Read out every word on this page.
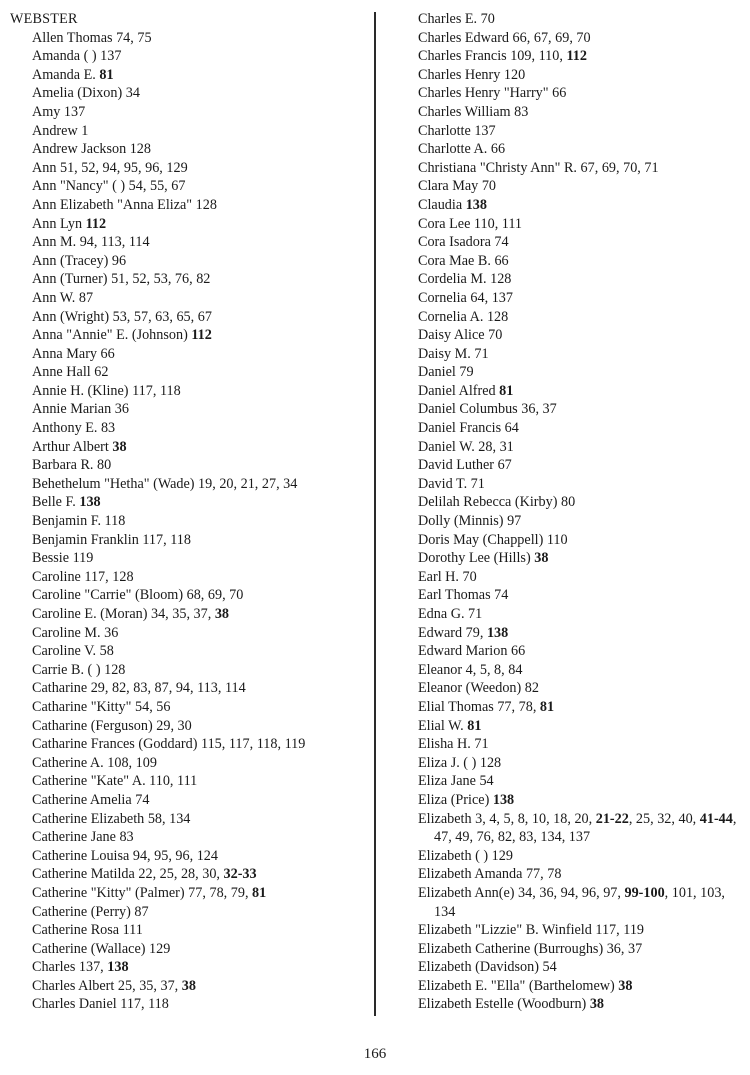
WEBSTER
Allen Thomas 74, 75
Amanda ( ) 137
Amanda E. 81
Amelia (Dixon) 34
Amy 137
Andrew 1
Andrew Jackson 128
Ann 51, 52, 94, 95, 96, 129
Ann "Nancy" ( ) 54, 55, 67
Ann Elizabeth "Anna Eliza" 128
Ann Lyn 112
Ann M. 94, 113, 114
Ann (Tracey) 96
Ann (Turner) 51, 52, 53, 76, 82
Ann W. 87
Ann (Wright) 53, 57, 63, 65, 67
Anna "Annie" E. (Johnson) 112
Anna Mary 66
Anne Hall 62
Annie H. (Kline) 117, 118
Annie Marian 36
Anthony E. 83
Arthur Albert 38
Barbara R. 80
Behethelum "Hetha" (Wade) 19, 20, 21, 27, 34
Belle F. 138
Benjamin F. 118
Benjamin Franklin 117, 118
Bessie 119
Caroline 117, 128
Caroline "Carrie" (Bloom) 68, 69, 70
Caroline E. (Moran) 34, 35, 37, 38
Caroline M. 36
Caroline V. 58
Carrie B. ( ) 128
Catharine 29, 82, 83, 87, 94, 113, 114
Catharine "Kitty" 54, 56
Catharine (Ferguson) 29, 30
Catharine Frances (Goddard) 115, 117, 118, 119
Catherine A. 108, 109
Catherine "Kate" A. 110, 111
Catherine Amelia 74
Catherine Elizabeth 58, 134
Catherine Jane 83
Catherine Louisa 94, 95, 96, 124
Catherine Matilda 22, 25, 28, 30, 32-33
Catherine "Kitty" (Palmer) 77, 78, 79, 81
Catherine (Perry) 87
Catherine Rosa 111
Catherine (Wallace) 129
Charles 137, 138
Charles Albert 25, 35, 37, 38
Charles Daniel 117, 118
Charles E. 70
Charles Edward 66, 67, 69, 70
Charles Francis 109, 110, 112
Charles Henry 120
Charles Henry "Harry" 66
Charles William 83
Charlotte 137
Charlotte A. 66
Christiana "Christy Ann" R. 67, 69, 70, 71
Clara May 70
Claudia 138
Cora Lee 110, 111
Cora Isadora 74
Cora Mae B. 66
Cordelia M. 128
Cornelia 64, 137
Cornelia A. 128
Daisy Alice 70
Daisy M. 71
Daniel 79
Daniel Alfred 81
Daniel Columbus 36, 37
Daniel Francis 64
Daniel W. 28, 31
David Luther 67
David T. 71
Delilah Rebecca (Kirby) 80
Dolly (Minnis) 97
Doris May (Chappell) 110
Dorothy Lee (Hills) 38
Earl H. 70
Earl Thomas 74
Edna G. 71
Edward 79, 138
Edward Marion 66
Eleanor 4, 5, 8, 84
Eleanor (Weedon) 82
Elial Thomas 77, 78, 81
Elial W. 81
Elisha H. 71
Eliza J. ( ) 128
Eliza Jane 54
Eliza (Price) 138
Elizabeth 3, 4, 5, 8, 10, 18, 20, 21-22, 25, 32, 40, 41-44, 47, 49, 76, 82, 83, 134, 137
Elizabeth ( ) 129
Elizabeth Amanda 77, 78
Elizabeth Ann(e) 34, 36, 94, 96, 97, 99-100, 101, 103, 134
Elizabeth "Lizzie" B. Winfield 117, 119
Elizabeth Catherine (Burroughs) 36, 37
Elizabeth (Davidson) 54
Elizabeth E. "Ella" (Barthelomew) 38
Elizabeth Estelle (Woodburn) 38
166
